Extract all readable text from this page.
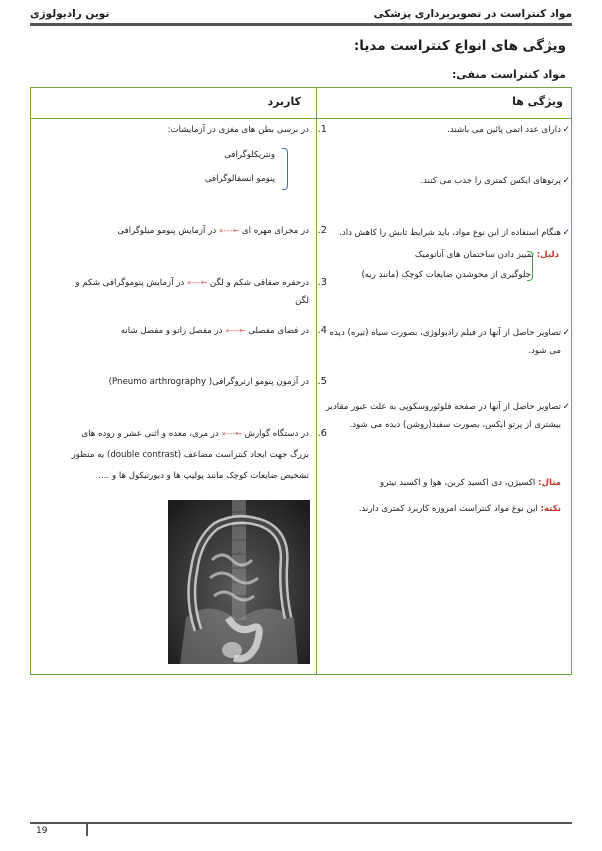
مواد کنتراست در تصویربرداری پزشکی
نوین رادیولوژی
ویژگی های انواع کنتراست مدیا:
مواد کنتراست منفی:
ویژگی ها
کاربرد
✓
دارای عدد اتمی پائین می باشند.
✓
پرتوهای ایکس کمتری را جذب می کنند.
✓
هنگام استفاده از این نوع مواد، باید شرایط تابش را کاهش داد.
دلیل: تمییز دادن ساختمان های آناتومیک
جلوگیری از محوشدن ضایعات کوچک (مانند ریه)
✓
تصاویر حاصل از آنها در فیلم رادیولوژی، بصورت سیاه (تیره) دیده می شود.
✓
تصاویر حاصل از آنها در صفحه فلوئوروسکوپی به علت عبور مقادیر بیشتری از پرتو ایکس، بصورت سفید(روشن) دیده می شود.
مثال: اکسیژن، دی اکسید کربن، هوا و اکسید نیترو
نکته: این نوع مواد کنتراست امروزه کاربرد کمتری دارند.
1.
در برسی بطن های مغزی در آزمایشات:
ونتریکلوگرافی
پنومو انسفالوگرافی
2.
در مجرای مهره ای ←---« در آزمایش پنومو میلوگرافی
3.
درحفره صفاقی شکم و لگن ←---« در آزمایش پنوموگرافی شکم و لگن
4.
در فضای مفصلی ←---« در مفصل زانو و مفصل شانه
5.
در آزمون پنومو ارتروگرافی( Pneumo arthrography)
6.
در دستگاه گوارش ←---« در مری، معده و اثنی عشر و روده های بزرگ جهت ایجاد کنتراست مضاعف (double contrast) به منظور تشخیص ضایعات کوچک مانند پولیپ ها و دیورتیکول ها و ....
19
